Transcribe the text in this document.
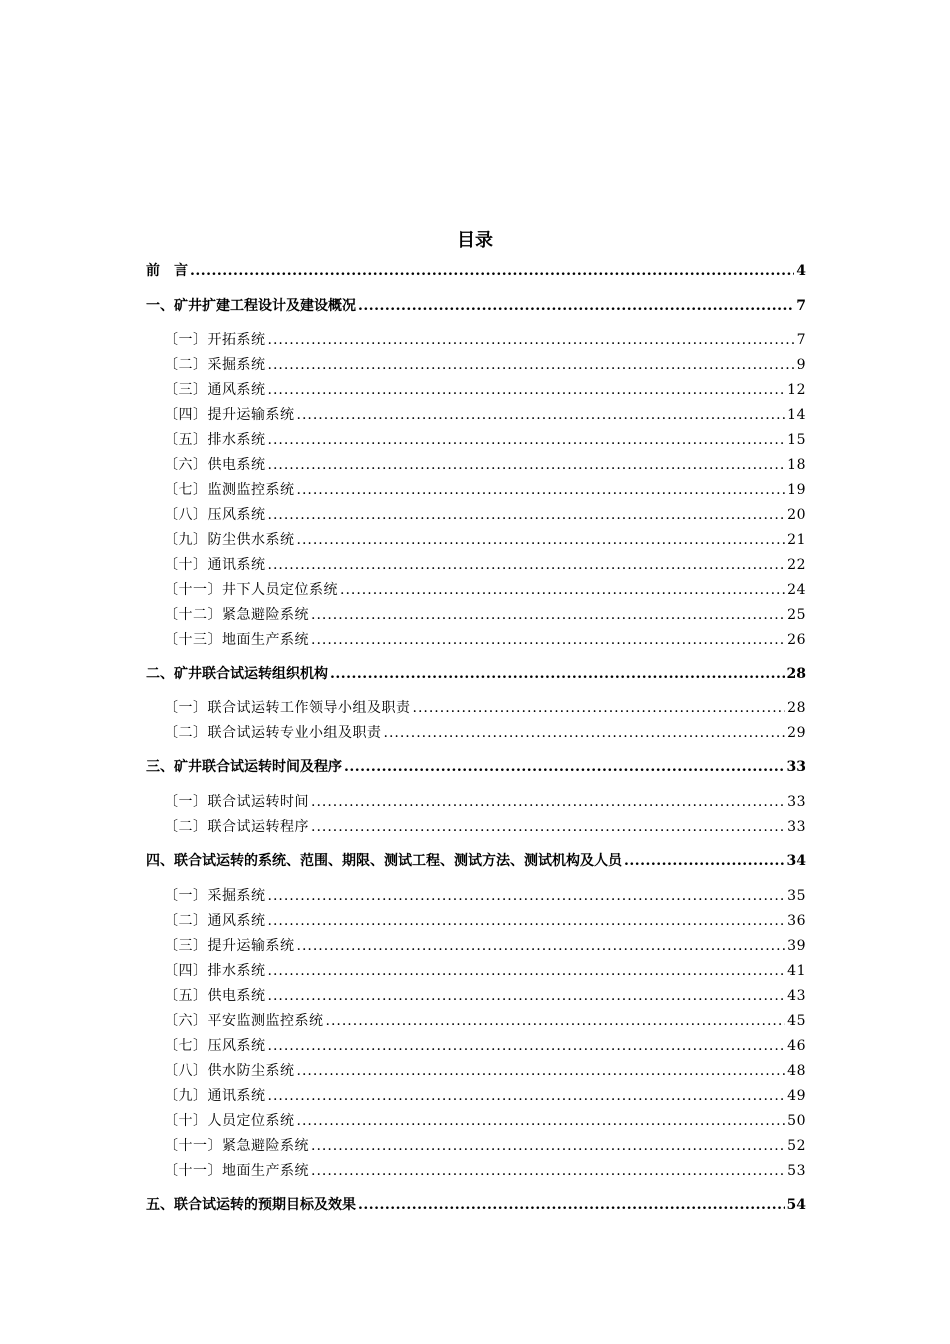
目录
前　言 .....	4
一、矿井扩建工程设计及建设概况 .....	7
〔一〕开拓系统 .....	7
〔二〕采掘系统 .....	9
〔三〕通风系统 .....	12
〔四〕提升运输系统 .....	14
〔五〕排水系统 .....	15
〔六〕供电系统 .....	18
〔七〕监测监控系统 .....	19
〔八〕压风系统 .....	20
〔九〕防尘供水系统 .....	21
〔十〕通讯系统 .....	22
〔十一〕井下人员定位系统 .....	24
〔十二〕紧急避险系统 .....	25
〔十三〕地面生产系统 .....	26
二、矿井联合试运转组织机构 .....	28
〔一〕联合试运转工作领导小组及职责 .....	28
〔二〕联合试运转专业小组及职责 .....	29
三、矿井联合试运转时间及程序 .....	33
〔一〕联合试运转时间 .....	33
〔二〕联合试运转程序 .....	33
四、联合试运转的系统、范围、期限、测试工程、测试方法、测试机构及人员 .....	34
〔一〕采掘系统 .....	35
〔二〕通风系统 .....	36
〔三〕提升运输系统 .....	39
〔四〕排水系统 .....	41
〔五〕供电系统 .....	43
〔六〕平安监测监控系统 .....	45
〔七〕压风系统 .....	46
〔八〕供水防尘系统 .....	48
〔九〕通讯系统 .....	49
〔十〕人员定位系统 .....	50
〔十一〕紧急避险系统 .....	52
〔十一〕地面生产系统 .....	53
五、联合试运转的预期目标及效果 .....	54
